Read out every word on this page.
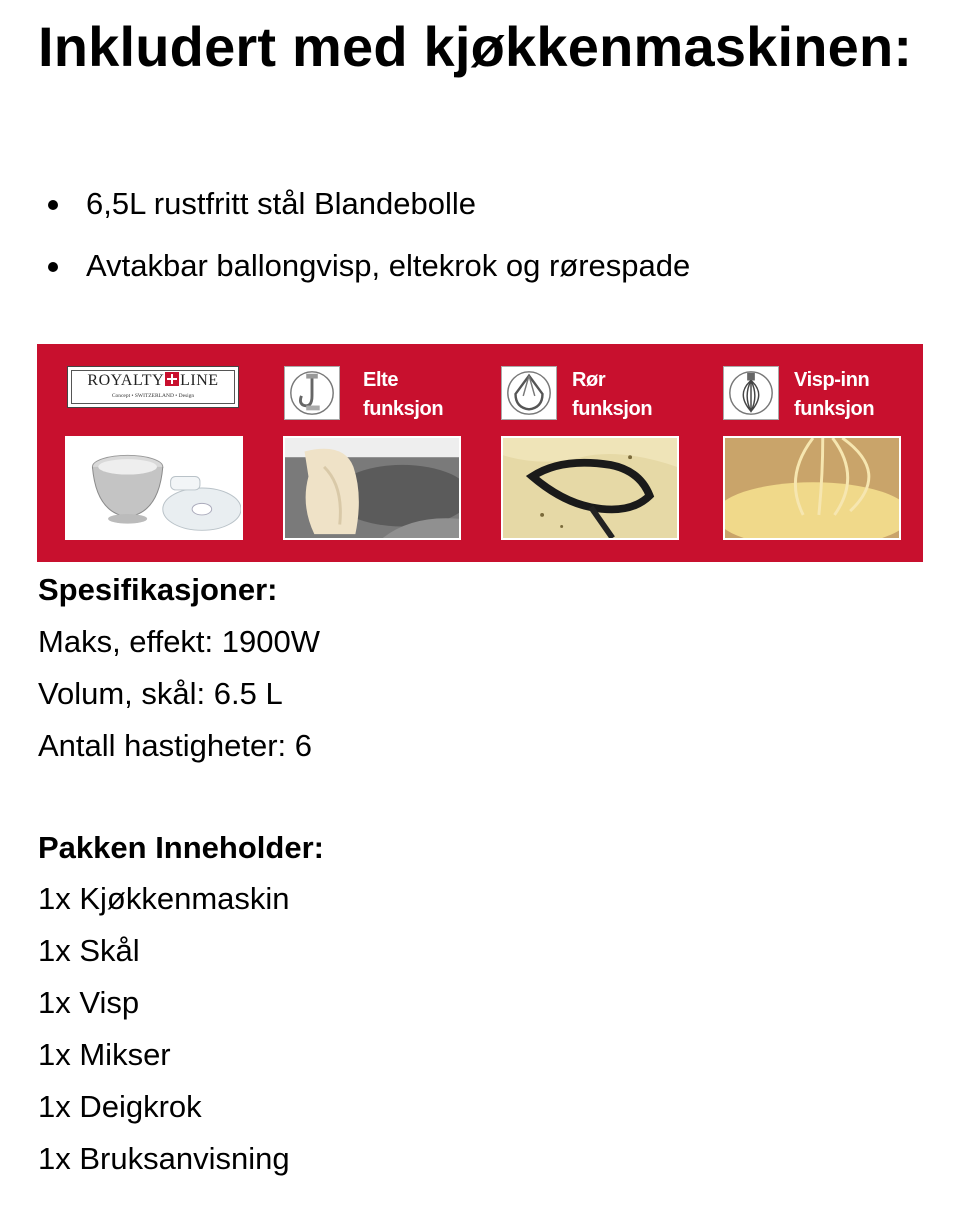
Inkludert med kjøkkenmaskinen:
6,5L rustfritt stål Blandebolle
Avtakbar ballongvisp, eltekrok og rørespade
ROYALTY LINE
Concept • SWITZERLAND • Design
Elte
funksjon
Rør
funksjon
Visp-inn
funksjon
Spesifikasjoner:
Maks, effekt: 1900W
Volum, skål: 6.5 L
Antall hastigheter: 6
Pakken Inneholder:
1x Kjøkkenmaskin
1x Skål
1x Visp
1x Mikser
1x Deigkrok
1x Bruksanvisning
